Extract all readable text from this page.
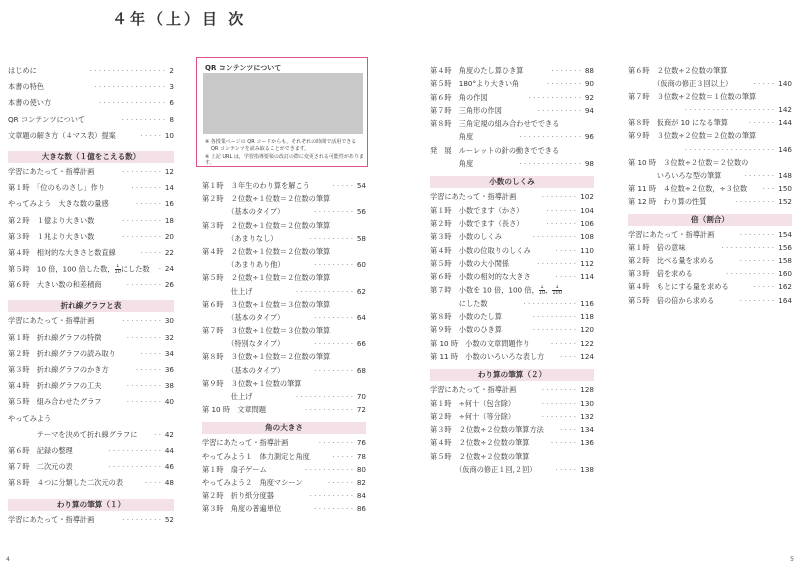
４年（上）目 次
はじめに	2
· · · · · · · · · · · · · · · · ·
本書の特色	3
· · · · · · · · · · · · · · · ·
本書の使い方	6
· · · · · · · · · · · · · · ·
QR コンテンツについて	8
· · · · · · · · · ·
文章題の解き方（４マス表）提案	10
· · · · ·
大きな数（１億をこえる数）
学習にあたって・指導計画	12
· · · · · · · · ·
第１時　「位のものさし」作り	14
· · · · · · ·
やってみよう　大きな数の量感	16
· · · · · ·
第２時　１億より大きい数	18
· · · · · · · · ·
第３時　１兆より大きい数	20
· · · · · · · · ·
第４時　相対的な大きさと数直線	22
· · · · ·
第５時　10 倍，100 倍した数， $\frac{1}{10}$ にした数 24
·
第６時　大きい数の和差積商	26
· · · · · · · ·
折れ線グラフと表
学習にあたって・指導計画	30
· · · · · · · · ·
第１時　折れ線グラフの特徴	32
· · · · · · · ·
第２時　折れ線グラフの読み取り	34
· · · · ·
第３時　折れ線グラフのかき方	36
· · · · · ·
第４時　折れ線グラフの工夫	38
· · · · · · · ·
第５時　組み合わせたグラフ	40
· · · · · · · ·
やってみよう
　　　　テーマを決めて折れ線グラフに	42
· ·
第６時　記録の整理	44
· · · · · · · · · · · ·
第７時　二次元の表	46
· · · · · · · · · · · ·
第８時　４つに分類した二次元の表	48
· · · ·
わり算の筆算（１）
学習にあたって・指導計画	52
· · · · · · · · ·
QR コンテンツについて
※ 各授業ページの QR コードからも，それぞれの時間で活用できる
QR コンテンツを読み取ることができます。
※ 上記 URL は，学習指導要領の改訂の際に変更される可能性があります。
第１時　３年生のわり算を解こう	54
· · · · ·
第２時　２位数÷１位数＝２位数の筆算
　　　　（基本のタイプ）	56
· · · · · · · · ·
第３時　２位数÷１位数＝２位数の筆算
　　　　（あまりなし）	58
· · · · · · · · · ·
第４時　２位数÷１位数＝２位数の筆算
　　　　（あまりあり他）	60
· · · · · · · · ·
第５時　２位数÷１位数＝２位数の筆算
　　　　仕上げ	62
· · · · · · · · · · · · ·
第６時　３位数÷１位数＝３位数の筆算
　　　　（基本のタイプ）	64
· · · · · · · · ·
第７時　３位数÷１位数＝３位数の筆算
　　　　（特別なタイプ）	66
· · · · · · · · ·
第８時　３位数÷１位数＝２位数の筆算
　　　　（基本のタイプ）	68
· · · · · · · · ·
第９時　３位数÷１位数の筆算
　　　　仕上げ	70
· · · · · · · · · · · · ·
第 10 時　文章問題	72
· · · · · · · · · · ·
角の大きさ
学習にあたって・指導計画	76
· · · · · · · ·
やってみよう１　体力測定と角度	78
· · · · ·
第１時　扇子ゲーム	80
· · · · · · · · · · ·
やってみよう２　角度マシーン	82
· · · · · ·
第２時　折り紙分度器	84
· · · · · · · · · ·
第３時　角度の普遍単位	86
· · · · · · · · ·
第４時　角度のたし算ひき算	88
· · · · · · ·
第５時　180°より大きい角	90
· · · · · · · ·
第６時　角の作図	92
· · · · · · · · · · · ·
第７時　三角形の作図	94
· · · · · · · · · ·
第８時　三角定規の組み合わせでできる
　　　　角度	96
· · · · · · · · · · · · · ·
発　展　ルーレットの針の動きでできる
　　　　角度	98
· · · · · · · · · · · · · ·
小数のしくみ
学習にあたって・指導計画	102
· · · · · · · ·
第１時　小数でます（かさ）	104
· · · · · · ·
第２時　小数でます（長さ）	106
· · · · · · ·
第３時　小数のしくみ	108
· · · · · · · · · ·
第４時　小数の位取りのしくみ	110
· · · · ·
第５時　小数の大小関係	112
· · · · · · · · ·
第６時　小数の相対的な大きさ	114
· · · · ·
第７時　小数を 10 倍，100 倍， $\frac{1}{10}$ ， $\frac{1}{100}$
　　　　にした数	116
· · · · · · · · · · · ·
第８時　小数のたし算	118
· · · · · · · · · ·
第９時　小数のひき算	120
· · · · · · · · · ·
第 10 時　小数の文章問題作り	122
· · · · · ·
第 11 時　小数のいろいろな表し方	124
· · · ·
わり算の筆算（２）
学習にあたって・指導計画	128
· · · · · · · ·
第１時　÷何十（包含除）	130
· · · · · · · ·
第２時　÷何十（等分除）	132
· · · · · · · ·
第３時　２位数÷２位数の筆算方法	134
· · · ·
第４時　２位数÷２位数の筆算	136
· · · · · ·
第５時　２位数÷２位数の筆算
　　　　（仮商の修正１回,２回）	138
· · · · ·
第６時　２位数÷２位数の筆算
　　　　（仮商の修正３回以上）	140
· · · · ·
第７時　３位数÷２位数＝１位数の筆算
142
· · · · · · · · · · · · · · · · · · · ·
第８時　仮商が 10 になる筆算	144
· · · · · ·
第９時　３位数÷２位数＝２位数の筆算
146
· · · · · · · · · · · · · · · · · · · ·
第 10 時　３位数÷２位数＝２位数の
　　　　いろいろな型の筆算	148
· · · · · · ·
第 11 時　４位数÷２位数，÷３位数	150
· · ·
第 12 時　わり算の性質	152
· · · · · · · · ·
倍（割合）
学習にあたって・指導計画	154
· · · · · · · ·
第１時　倍の意味	156
· · · · · · · · · · · ·
第２時　比べる量を求める	158
· · · · · · · ·
第３時　倍を求める	160
· · · · · · · · · · ·
第４時　もとにする量を求める	162
· · · · ·
第５時　倍の倍から求める	164
· · · · · · · ·
4	5
